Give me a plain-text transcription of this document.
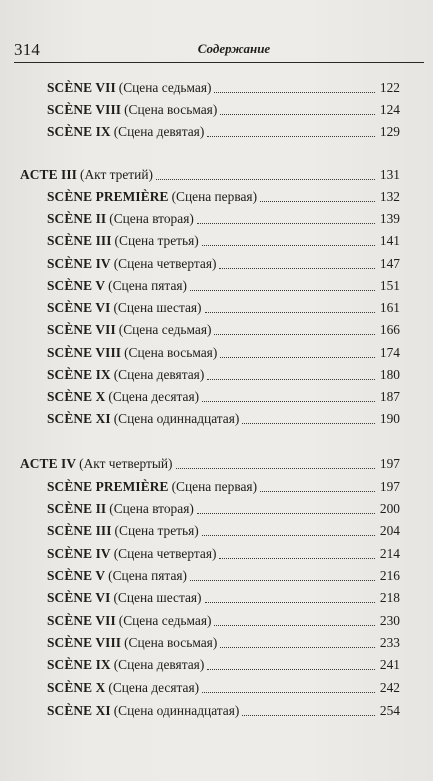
314	Содержание
SCÈNE VII (Сцена седьмая)	122
SCÈNE VIII (Сцена восьмая)	124
SCÈNE IX (Сцена девятая)	129
ACTE III (Акт третий)	131
SCÈNE PREMIÈRE (Сцена первая)	132
SCÈNE II (Сцена вторая)	139
SCÈNE III (Сцена третья)	141
SCÈNE IV (Сцена четвертая)	147
SCÈNE V (Сцена пятая)	151
SCÈNE VI (Сцена шестая)	161
SCÈNE VII (Сцена седьмая)	166
SCÈNE VIII (Сцена восьмая)	174
SCÈNE IX (Сцена девятая)	180
SCÈNE X (Сцена десятая)	187
SCÈNE XI (Сцена одиннадцатая)	190
ACTE IV (Акт четвертый)	197
SCÈNE PREMIÈRE (Сцена первая)	197
SCÈNE II (Сцена вторая)	200
SCÈNE III (Сцена третья)	204
SCÈNE IV (Сцена четвертая)	214
SCÈNE V (Сцена пятая)	216
SCÈNE VI (Сцена шестая)	218
SCÈNE VII (Сцена седьмая)	230
SCÈNE VIII (Сцена восьмая)	233
SCÈNE IX (Сцена девятая)	241
SCÈNE X (Сцена десятая)	242
SCÈNE XI (Сцена одиннадцатая)	254
